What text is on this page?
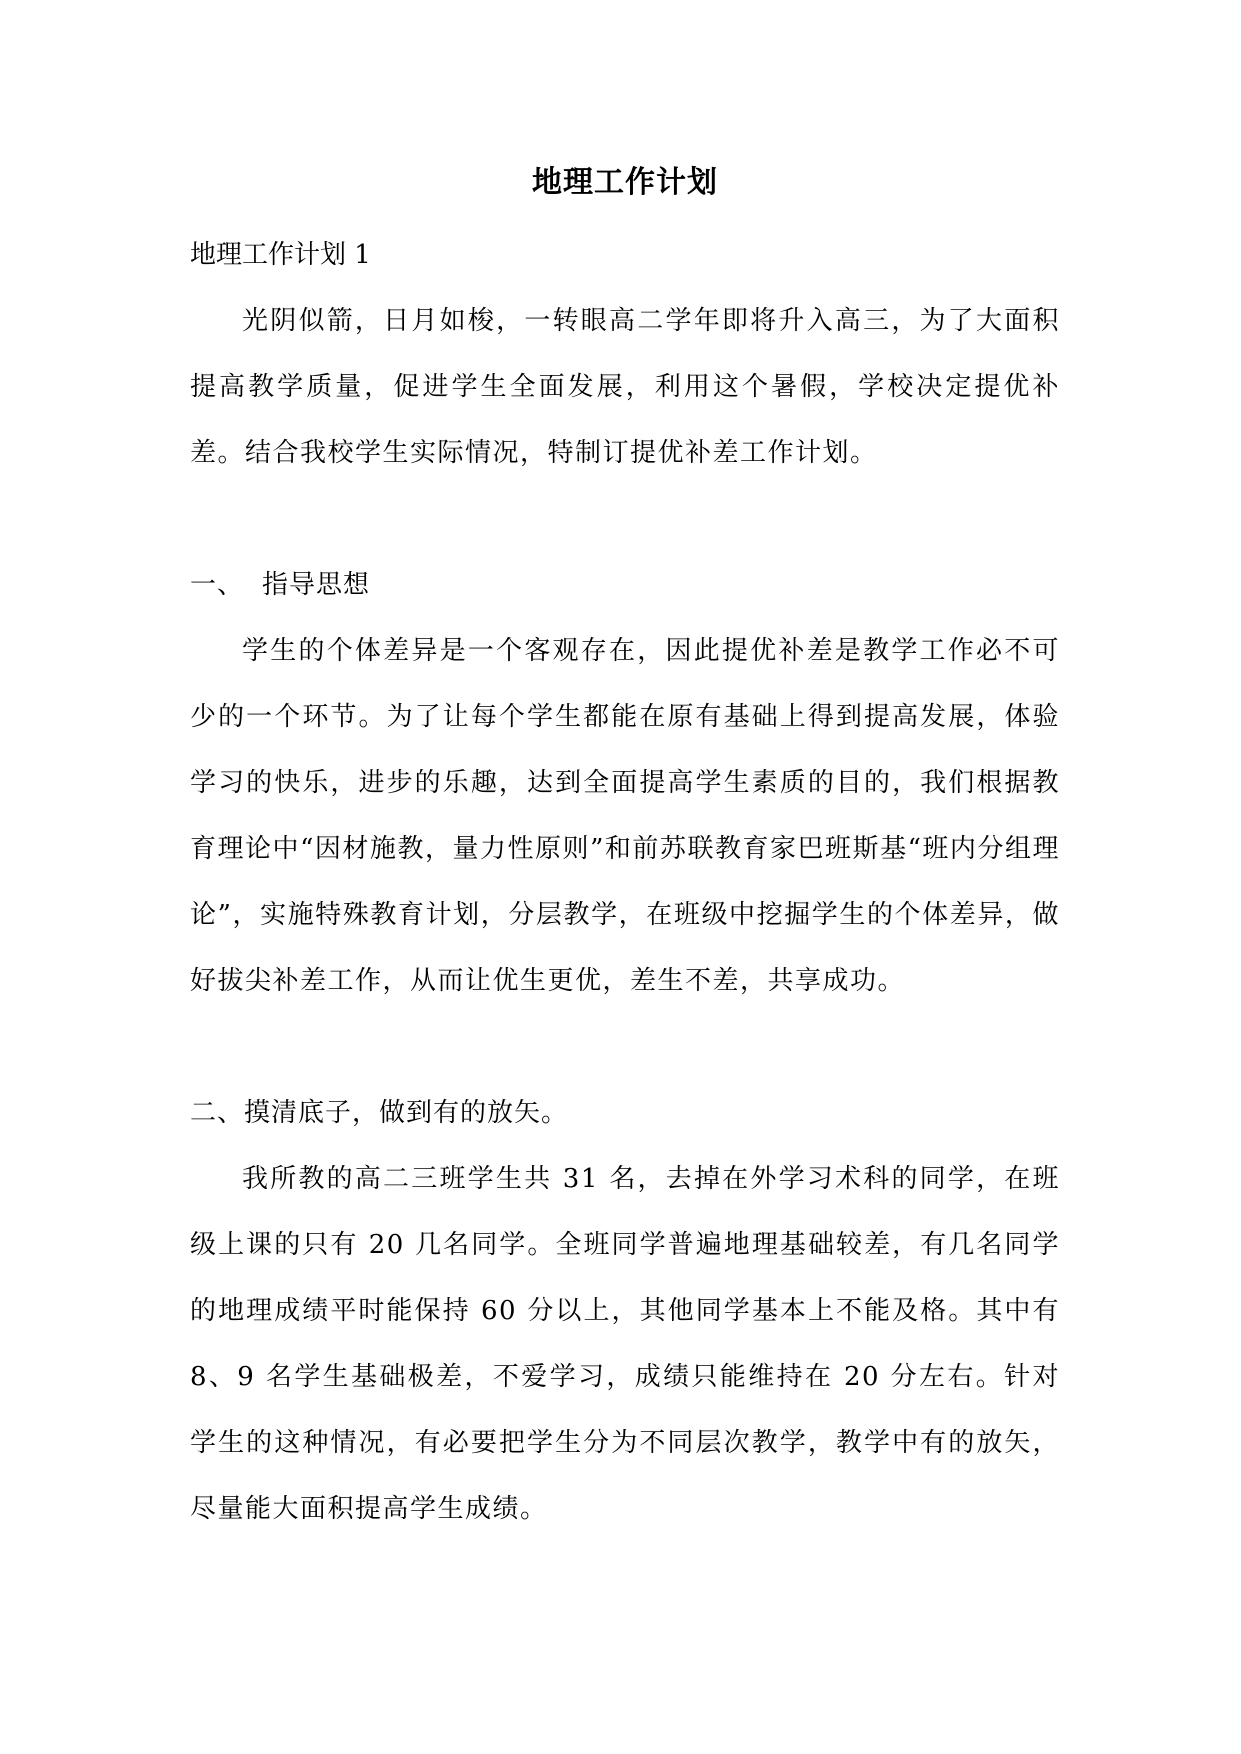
地理工作计划

地理工作计划 1

光阴似箭，日月如梭，一转眼高二学年即将升入高三，为了大面积提高教学质量，促进学生全面发展，利用这个暑假，学校决定提优补差。结合我校学生实际情况，特制订提优补差工作计划。

一、 指导思想

学生的个体差异是一个客观存在，因此提优补差是教学工作必不可少的一个环节。为了让每个学生都能在原有基础上得到提高发展，体验学习的快乐，进步的乐趣，达到全面提高学生素质的目的，我们根据教育理论中“因材施教，量力性原则”和前苏联教育家巴班斯基“班内分组理论”，实施特殊教育计划，分层教学，在班级中挖掘学生的个体差异，做好拔尖补差工作，从而让优生更优，差生不差，共享成功。

二、摸清底子，做到有的放矢。

我所教的高二三班学生共 31 名，去掉在外学习术科的同学，在班级上课的只有 20 几名同学。全班同学普遍地理基础较差，有几名同学的地理成绩平时能保持 60 分以上，其他同学基本上不能及格。其中有 8、9 名学生基础极差，不爱学习，成绩只能维持在 20 分左右。针对学生的这种情况，有必要把学生分为不同层次教学，教学中有的放矢，尽量能大面积提高学生成绩。
